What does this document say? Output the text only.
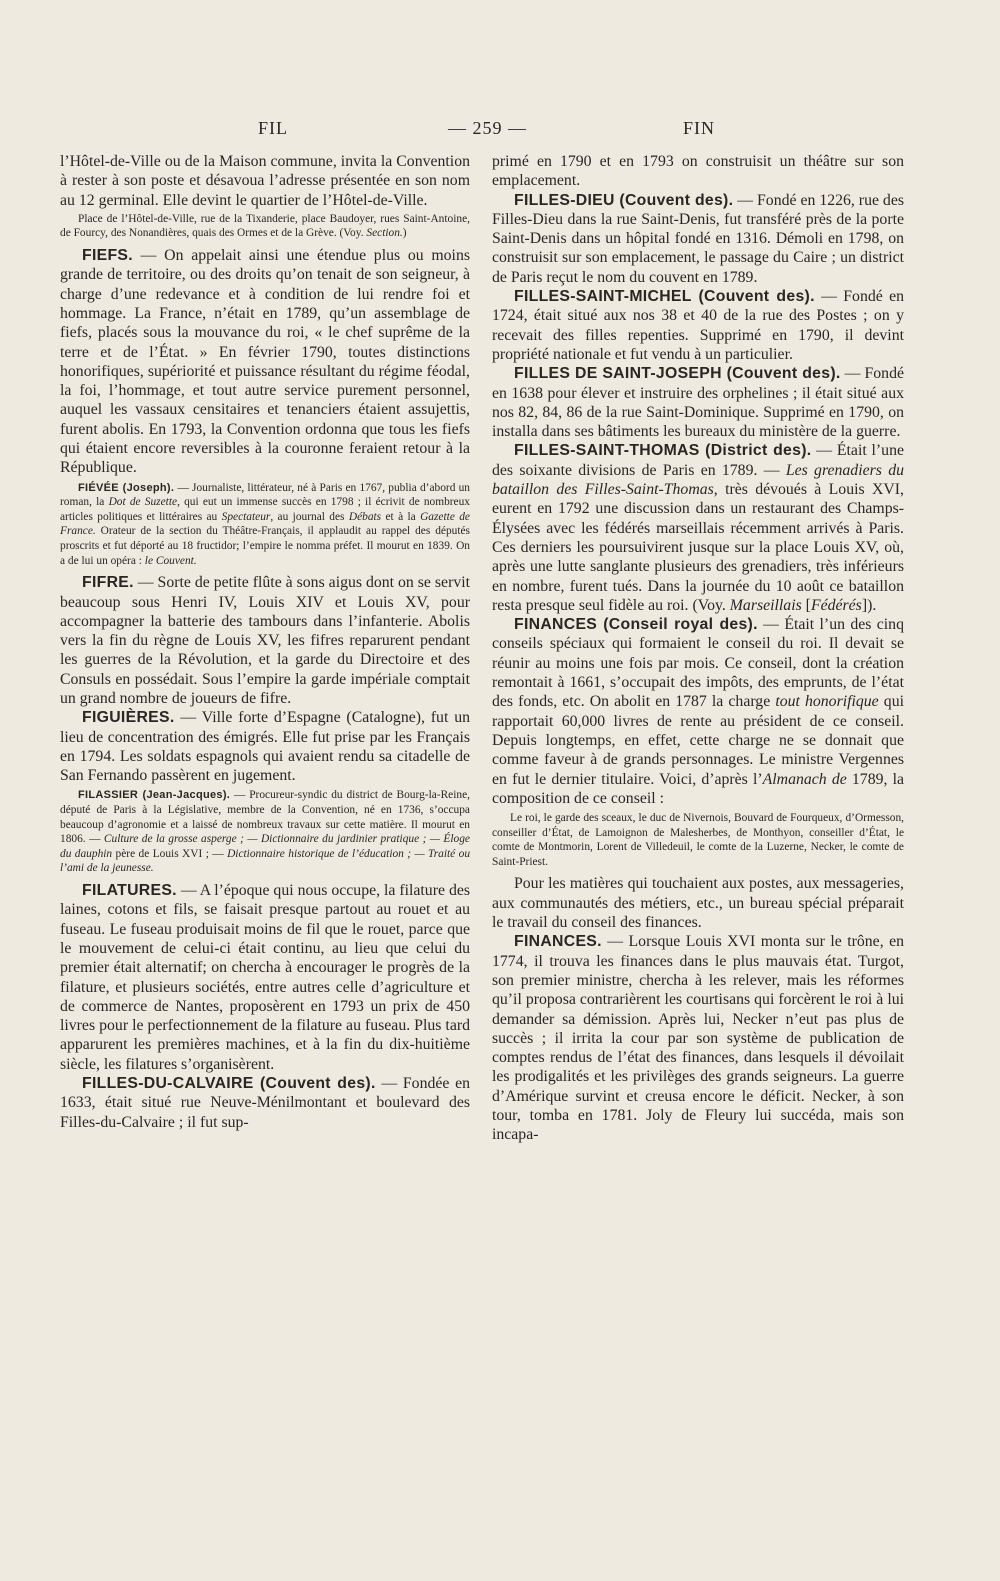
FIL	— 259 —	FIN

l’Hôtel-de-Ville ou de la Maison commune, invita la Convention à rester à son poste et désavoua l’adresse présentée en son nom au 12 germinal. Elle devint le quartier de l’Hôtel-de-Ville.

Place de l’Hôtel-de-Ville, rue de la Tixanderie, place Baudoyer, rues Saint-Antoine, de Fourcy, des Nonandières, quais des Ormes et de la Grève. (Voy. Section.)

FIEFS. — On appelait ainsi une étendue plus ou moins grande de territoire, ou des droits qu’on tenait de son seigneur, à charge d’une redevance et à condition de lui rendre foi et hommage. La France, n’était en 1789, qu’un assemblage de fiefs, placés sous la mouvance du roi, « le chef suprême de la terre et de l’État. » En février 1790, toutes distinctions honorifiques, supériorité et puissance résultant du régime féodal, la foi, l’hommage, et tout autre service purement personnel, auquel les vassaux censitaires et tenanciers étaient assujettis, furent abolis. En 1793, la Convention ordonna que tous les fiefs qui étaient encore reversibles à la couronne feraient retour à la République.

FIÉVÉE (Joseph). — Journaliste, littérateur, né à Paris en 1767, publia d’abord un roman, la Dot de Suzette, qui eut un immense succès en 1798 ; il écrivit de nombreux articles politiques et littéraires au Spectateur, au journal des Débats et à la Gazette de France. Orateur de la section du Théâtre-Français, il applaudit au rappel des députés proscrits et fut déporté au 18 fructidor; l’empire le nomma préfet. Il mourut en 1839. On a de lui un opéra : le Couvent.

FIFRE. — Sorte de petite flûte à sons aigus dont on se servit beaucoup sous Henri IV, Louis XIV et Louis XV, pour accompagner la batterie des tambours dans l’infanterie. Abolis vers la fin du règne de Louis XV, les fifres reparurent pendant les guerres de la Révolution, et la garde du Directoire et des Consuls en possédait. Sous l’empire la garde impériale comptait un grand nombre de joueurs de fifre.

FIGUIÈRES. — Ville forte d’Espagne (Catalogne), fut un lieu de concentration des émigrés. Elle fut prise par les Français en 1794. Les soldats espagnols qui avaient rendu sa citadelle de San Fernando passèrent en jugement.

FILASSIER (Jean-Jacques). — Procureur-syndic du district de Bourg-la-Reine, député de Paris à la Législative, membre de la Convention, né en 1736, s’occupa beaucoup d’agronomie et a laissé de nombreux travaux sur cette matière. Il mourut en 1806. — Culture de la grosse asperge ; — Dictionnaire du jardinier pratique ; — Éloge du dauphin père de Louis XVI ; — Dictionnaire historique de l’éducation ; — Traité ou l’ami de la jeunesse.

FILATURES. — A l’époque qui nous occupe, la filature des laines, cotons et fils, se faisait presque partout au rouet et au fuseau. Le fuseau produisait moins de fil que le rouet, parce que le mouvement de celui-ci était continu, au lieu que celui du premier était alternatif; on chercha à encourager le progrès de la filature, et plusieurs sociétés, entre autres celle d’agriculture et de commerce de Nantes, proposèrent en 1793 un prix de 450 livres pour le perfectionnement de la filature au fuseau. Plus tard apparurent les premières machines, et à la fin du dix-huitième siècle, les filatures s’organisèrent.

FILLES-DU-CALVAIRE (Couvent des). — Fondée en 1633, était situé rue Neuve-Ménilmontant et boulevard des Filles-du-Calvaire ; il fut sup-

primé en 1790 et en 1793 on construisit un théâtre sur son emplacement.

FILLES-DIEU (Couvent des). — Fondé en 1226, rue des Filles-Dieu dans la rue Saint-Denis, fut transféré près de la porte Saint-Denis dans un hôpital fondé en 1316. Démoli en 1798, on construisit sur son emplacement, le passage du Caire ; un district de Paris reçut le nom du couvent en 1789.

FILLES-SAINT-MICHEL (Couvent des). — Fondé en 1724, était situé aux nos 38 et 40 de la rue des Postes ; on y recevait des filles repenties. Supprimé en 1790, il devint propriété nationale et fut vendu à un particulier.

FILLES DE SAINT-JOSEPH (Couvent des). — Fondé en 1638 pour élever et instruire des orphelines ; il était situé aux nos 82, 84, 86 de la rue Saint-Dominique. Supprimé en 1790, on installa dans ses bâtiments les bureaux du ministère de la guerre.

FILLES-SAINT-THOMAS (District des). — Était l’une des soixante divisions de Paris en 1789. — Les grenadiers du bataillon des Filles-Saint-Thomas, très dévoués à Louis XVI, eurent en 1792 une discussion dans un restaurant des Champs-Élysées avec les fédérés marseillais récemment arrivés à Paris. Ces derniers les poursuivirent jusque sur la place Louis XV, où, après une lutte sanglante plusieurs des grenadiers, très inférieurs en nombre, furent tués. Dans la journée du 10 août ce bataillon resta presque seul fidèle au roi. (Voy. Marseillais [Fédérés]).

FINANCES (Conseil royal des). — Était l’un des cinq conseils spéciaux qui formaient le conseil du roi. Il devait se réunir au moins une fois par mois. Ce conseil, dont la création remontait à 1661, s’occupait des impôts, des emprunts, de l’état des fonds, etc. On abolit en 1787 la charge tout honorifique qui rapportait 60,000 livres de rente au président de ce conseil. Depuis longtemps, en effet, cette charge ne se donnait que comme faveur à de grands personnages. Le ministre Vergennes en fut le dernier titulaire. Voici, d’après l’Almanach de 1789, la composition de ce conseil :

Le roi, le garde des sceaux, le duc de Nivernois, Bouvard de Fourqueux, d’Ormesson, conseiller d’État, de Lamoignon de Malesherbes, de Monthyon, conseiller d’État, le comte de Montmorin, Lorent de Villedeuil, le comte de la Luzerne, Necker, le comte de Saint-Priest.

Pour les matières qui touchaient aux postes, aux messageries, aux communautés des métiers, etc., un bureau spécial préparait le travail du conseil des finances.

FINANCES. — Lorsque Louis XVI monta sur le trône, en 1774, il trouva les finances dans le plus mauvais état. Turgot, son premier ministre, chercha à les relever, mais les réformes qu’il proposa contrarièrent les courtisans qui forcèrent le roi à lui demander sa démission. Après lui, Necker n’eut pas plus de succès ; il irrita la cour par son système de publication de comptes rendus de l’état des finances, dans lesquels il dévoilait les prodigalités et les privilèges des grands seigneurs. La guerre d’Amérique survint et creusa encore le déficit. Necker, à son tour, tomba en 1781. Joly de Fleury lui succéda, mais son incapa-
